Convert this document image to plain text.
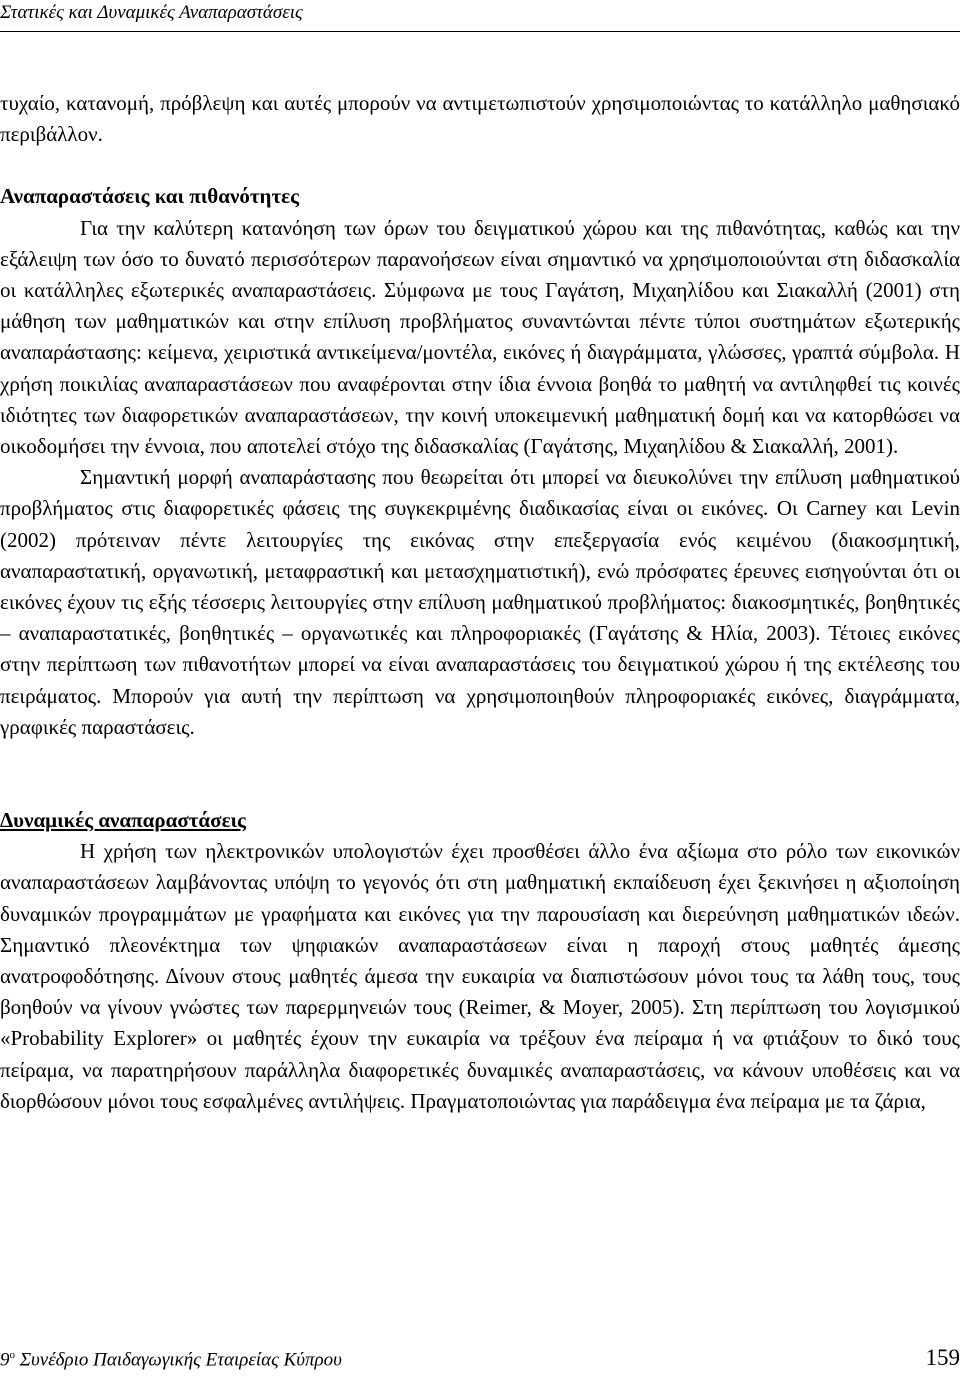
Στατικές και Δυναμικές Αναπαραστάσεις

τυχαίο, κατανομή, πρόβλεψη και αυτές μπορούν να αντιμετωπιστούν χρησιμοποιώντας το κατάλληλο μαθησιακό περιβάλλον.

Αναπαραστάσεις και πιθανότητες

Για την καλύτερη κατανόηση των όρων του δειγματικού χώρου και της πιθανότητας, καθώς και την εξάλειψη των όσο το δυνατό περισσότερων παρανοήσεων είναι σημαντικό να χρησιμοποιούνται στη διδασκαλία οι κατάλληλες εξωτερικές αναπαραστάσεις. Σύμφωνα με τους Γαγάτση, Μιχαηλίδου και Σιακαλλή (2001) στη μάθηση των μαθηματικών και στην επίλυση προβλήματος συναντώνται πέντε τύποι συστημάτων εξωτερικής αναπαράστασης: κείμενα, χειριστικά αντικείμενα/μοντέλα, εικόνες ή διαγράμματα, γλώσσες, γραπτά σύμβολα. Η χρήση ποικιλίας αναπαραστάσεων που αναφέρονται στην ίδια έννοια βοηθά το μαθητή να αντιληφθεί τις κοινές ιδιότητες των διαφορετικών αναπαραστάσεων, την κοινή υποκειμενική μαθηματική δομή και να κατορθώσει να οικοδομήσει την έννοια, που αποτελεί στόχο της διδασκαλίας (Γαγάτσης, Μιχαηλίδου & Σιακαλλή, 2001).

Σημαντική μορφή αναπαράστασης που θεωρείται ότι μπορεί να διευκολύνει την επίλυση μαθηματικού προβλήματος στις διαφορετικές φάσεις της συγκεκριμένης διαδικασίας είναι οι εικόνες. Οι Carney και Levin (2002) πρότειναν πέντε λειτουργίες της εικόνας στην επεξεργασία ενός κειμένου (διακοσμητική, αναπαραστατική, οργανωτική, μεταφραστική και μετασχηματιστική), ενώ πρόσφατες έρευνες εισηγούνται ότι οι εικόνες έχουν τις εξής τέσσερις λειτουργίες στην επίλυση μαθηματικού προβλήματος: διακοσμητικές, βοηθητικές – αναπαραστατικές, βοηθητικές – οργανωτικές και πληροφοριακές (Γαγάτσης & Ηλία, 2003). Τέτοιες εικόνες στην περίπτωση των πιθανοτήτων μπορεί να είναι αναπαραστάσεις του δειγματικού χώρου ή της εκτέλεσης του πειράματος. Μπορούν για αυτή την περίπτωση να χρησιμοποιηθούν πληροφοριακές εικόνες, διαγράμματα, γραφικές παραστάσεις.

Δυναμικές αναπαραστάσεις

Η χρήση των ηλεκτρονικών υπολογιστών έχει προσθέσει άλλο ένα αξίωμα στο ρόλο των εικονικών αναπαραστάσεων λαμβάνοντας υπόψη το γεγονός ότι στη μαθηματική εκπαίδευση έχει ξεκινήσει η αξιοποίηση δυναμικών προγραμμάτων με γραφήματα και εικόνες για την παρουσίαση και διερεύνηση μαθηματικών ιδεών. Σημαντικό πλεονέκτημα των ψηφιακών αναπαραστάσεων είναι η παροχή στους μαθητές άμεσης ανατροφοδότησης. Δίνουν στους μαθητές άμεσα την ευκαιρία να διαπιστώσουν μόνοι τους τα λάθη τους, τους βοηθούν να γίνουν γνώστες των παρερμηνειών τους (Reimer, & Moyer, 2005). Στη περίπτωση του λογισμικού «Probability Explorer» οι μαθητές έχουν την ευκαιρία να τρέξουν ένα πείραμα ή να φτιάξουν το δικό τους πείραμα, να παρατηρήσουν παράλληλα διαφορετικές δυναμικές αναπαραστάσεις, να κάνουν υποθέσεις και να διορθώσουν μόνοι τους εσφαλμένες αντιλήψεις. Πραγματοποιώντας για παράδειγμα ένα πείραμα με τα ζάρια,

$9^o$ Συνέδριο Παιδαγωγικής Εταιρείας Κύπρου	159
